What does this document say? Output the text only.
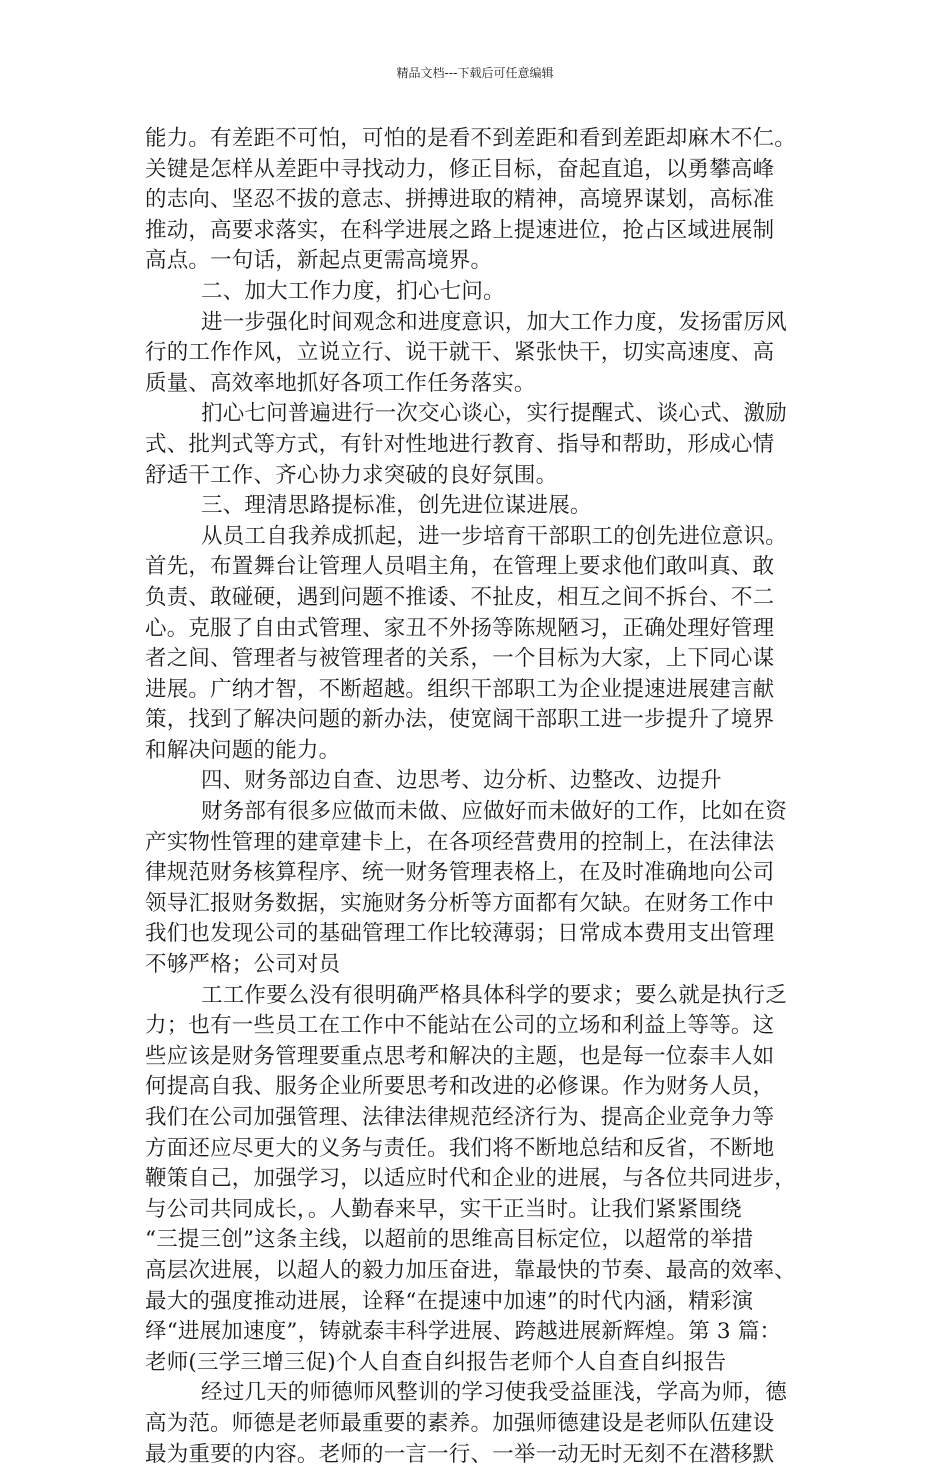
精品文档---下载后可任意编辑
能力。有差距不可怕，可怕的是看不到差距和看到差距却麻木不仁。
关键是怎样从差距中寻找动力，修正目标，奋起直追，以勇攀高峰
的志向、坚忍不拔的意志、拼搏进取的精神，高境界谋划，高标准
推动，高要求落实，在科学进展之路上提速进位，抢占区域进展制
高点。一句话，新起点更需高境界。
二、加大工作力度，扪心七问。
进一步强化时间观念和进度意识，加大工作力度，发扬雷厉风
行的工作作风，立说立行、说干就干、紧张快干，切实高速度、高
质量、高效率地抓好各项工作任务落实。
扪心七问普遍进行一次交心谈心，实行提醒式、谈心式、激励
式、批判式等方式，有针对性地进行教育、指导和帮助，形成心情
舒适干工作、齐心协力求突破的良好氛围。
三、理清思路提标准，创先进位谋进展。
从员工自我养成抓起，进一步培育干部职工的创先进位意识。
首先，布置舞台让管理人员唱主角，在管理上要求他们敢叫真、敢
负责、敢碰硬，遇到问题不推诿、不扯皮，相互之间不拆台、不二
心。克服了自由式管理、家丑不外扬等陈规陋习，正确处理好管理
者之间、管理者与被管理者的关系，一个目标为大家，上下同心谋
进展。广纳才智，不断超越。组织干部职工为企业提速进展建言献
策，找到了解决问题的新办法，使宽阔干部职工进一步提升了境界
和解决问题的能力。
四、财务部边自查、边思考、边分析、边整改、边提升
财务部有很多应做而未做、应做好而未做好的工作，比如在资
产实物性管理的建章建卡上，在各项经营费用的控制上，在法律法
律规范财务核算程序、统一财务管理表格上，在及时准确地向公司
领导汇报财务数据，实施财务分析等方面都有欠缺。在财务工作中
我们也发现公司的基础管理工作比较薄弱；日常成本费用支出管理
不够严格；公司对员
工工作要么没有很明确严格具体科学的要求；要么就是执行乏
力；也有一些员工在工作中不能站在公司的立场和利益上等等。这
些应该是财务管理要重点思考和解决的主题，也是每一位泰丰人如
何提高自我、服务企业所要思考和改进的必修课。作为财务人员，
我们在公司加强管理、法律法律规范经济行为、提高企业竞争力等
方面还应尽更大的义务与责任。我们将不断地总结和反省，不断地
鞭策自己，加强学习，以适应时代和企业的进展，与各位共同进步，
与公司共同成长，。人勤春来早，实干正当时。让我们紧紧围绕
“三提三创”这条主线，以超前的思维高目标定位，以超常的举措
高层次进展，以超人的毅力加压奋进，靠最快的节奏、最高的效率、
最大的强度推动进展，诠释“在提速中加速”的时代内涵，精彩演
绎“进展加速度”，铸就泰丰科学进展、跨越进展新辉煌。第 3 篇：
老师(三学三增三促)个人自查自纠报告老师个人自查自纠报告
经过几天的师德师风整训的学习使我受益匪浅，学高为师，德
高为范。师德是老师最重要的素养。加强师德建设是老师队伍建设
最为重要的内容。老师的一言一行、一举一动无时无刻不在潜移默
